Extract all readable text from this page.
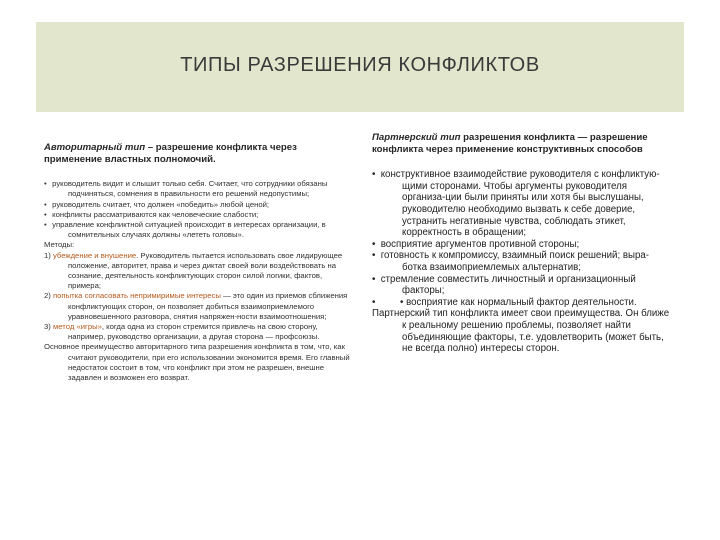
ТИПЫ РАЗРЕШЕНИЯ КОНФЛИКТОВ

Авторитарный тип – разрешение конфликта через применение властных полномочий.

• руководитель видит и слышит только себя. Считает, что сотрудники обязаны подчиняться, сомнения в правильности его решений недопустимы;

• руководитель считает, что должен «победить» любой ценой;

• конфликты рассматриваются как человеческие слабости;

• управление конфликтной ситуацией происходит в интересах организации, в сомнительных случаях должны «лететь головы».

Методы:

1) убеждение и внушение. Руководитель пытается использовать свое лидирующее положение, авторитет, права и через диктат своей воли воздействовать на сознание, деятельность конфликтующих сторон силой логики, фактов, примера;

2) попытка согласовать непримиримые интересы — это один из приемов сближения конфликтующих сторон, он позволяет добиться взаимоприемлемого уравновешенного разговора, снятия напряжен-ности взаимоотношения;

3) метод «игры», когда одна из сторон стремится привлечь на свою сторону, например, руководство организации, а другая сторона — профсоюзы.

Основное преимущество авторитарного типа разрешения конфликта в том, что, как считают руководители, при его использовании экономится время. Его главный недостаток состоит в том, что конфликт при этом не разрешен, внешне задавлен и возможен его возврат.

Партнерский тип разрешения конфликта — разрешение конфликта через применение конструктивных способов

• конструктивное взаимодействие руководителя с конфликтую-щими сторонами. Чтобы аргументы руководителя организа-ции были приняты или хотя бы выслушаны, руководителю необходимо вызвать к себе доверие, устранить негативные чувства, соблюдать этикет, корректность в обращении;

• восприятие аргументов противной стороны;

• готовность к компромиссу, взаимный поиск решений; выра-ботка взаимоприемлемых альтернатив;

• стремление совместить личностный и организационный факторы;

•	• восприятие как нормальный фактор деятельности.

Партнерский тип конфликта имеет свои преимущества. Он ближе к реальному решению проблемы, позволяет найти объединяющие факторы, т.е. удовлетворить (может быть, не всегда полно) интересы сторон.
